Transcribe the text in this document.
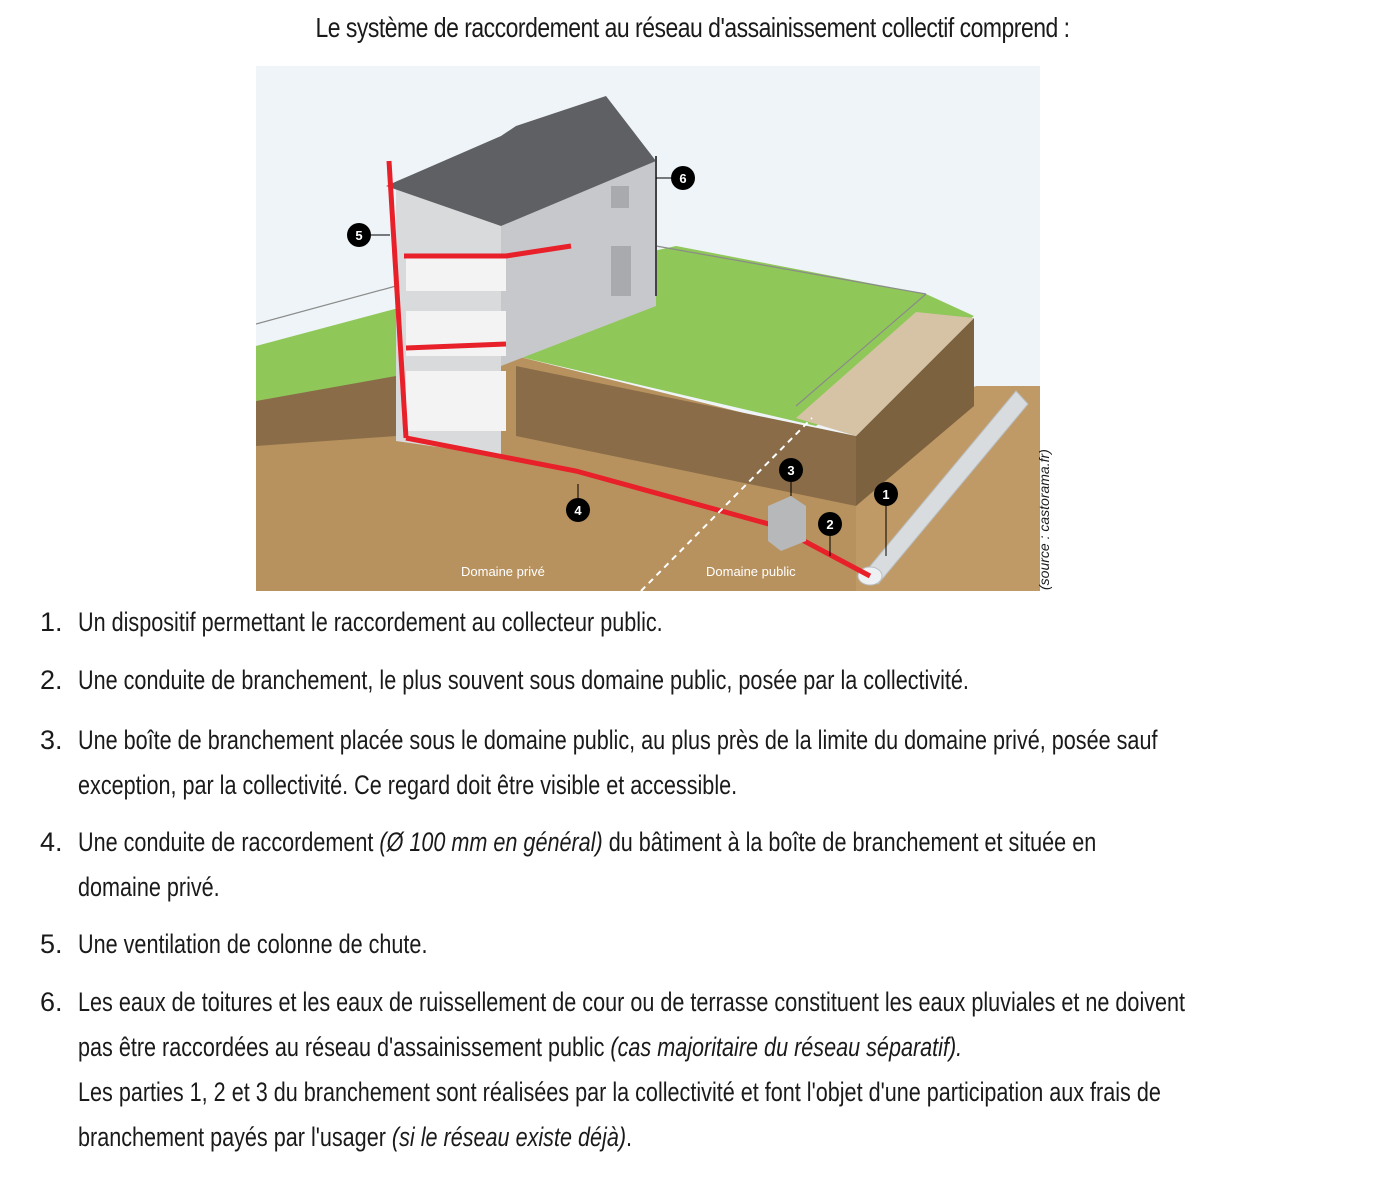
Le système de raccordement au réseau d'assainissement collectif comprend :
Domaine privé	Domaine public
1
2
3
4
5
6
(source : castorama.fr)
1. Un dispositif permettant le raccordement au collecteur public.
2. Une conduite de branchement, le plus souvent sous domaine public, posée par la collectivité.
3. Une boîte de branchement placée sous le domaine public, au plus près de la limite du domaine privé, posée sauf
exception, par la collectivité. Ce regard doit être visible et accessible.
4. Une conduite de raccordement (Ø 100 mm en général) du bâtiment à la boîte de branchement et située en
domaine privé.
5. Une ventilation de colonne de chute.
6. Les eaux de toitures et les eaux de ruissellement de cour ou de terrasse constituent les eaux pluviales et ne doivent
pas être raccordées au réseau d'assainissement public (cas majoritaire du réseau séparatif).
Les parties 1, 2 et 3 du branchement sont réalisées par la collectivité et font l'objet d'une participation aux frais de
branchement payés par l'usager (si le réseau existe déjà).
